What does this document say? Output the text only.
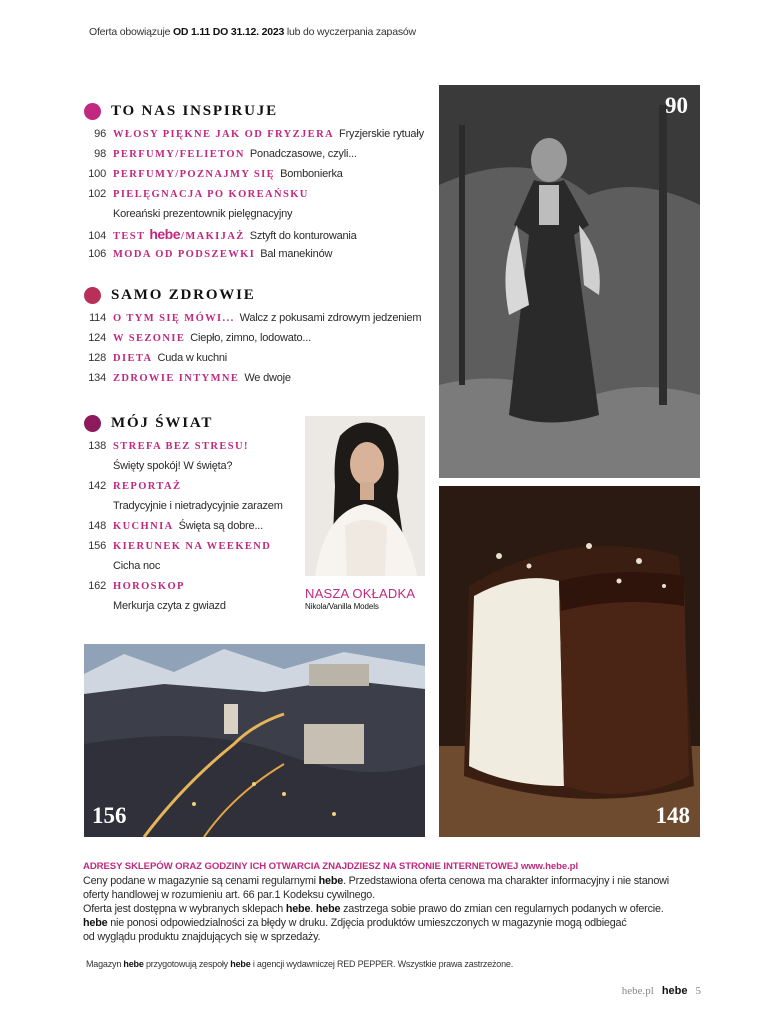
Oferta obowiązuje OD 1.11 DO 31.12. 2023 lub do wyczerpania zapasów
TO NAS INSPIRUJE
96 WŁOSY PIĘKNE JAK OD FRYZJERA Fryzjerskie rytuały
98 PERFUMY/FELIETON Ponadczasowe, czyli...
100 PERFUMY/POZNAJMY SIĘ Bombonierka
102 PIELĘGNACJA PO KOREAŃSKU
Koreański prezentownik pielęgnacyjny
104 TEST hebe/MAKIJAŻ Sztyft do konturowania
106 MODA OD PODSZEWKI Bal manekinów
SAMO ZDROWIE
114 O TYM SIĘ MÓWI... Walcz z pokusami zdrowym jedzeniem
124 W SEZONIE Ciepło, zimno, lodowato...
128 DIETA Cuda w kuchni
134 ZDROWIE INTYMNE We dwoje
MÓJ ŚWIAT
138 STREFA BEZ STRESU!
Święty spokój! W święta?
142 REPORTAŻ
Tradycyjnie i nietradycyjnie zarazem
148 KUCHNIA Święta są dobre...
156 KIERUNEK NA WEEKEND
Cicha noc
162 HOROSKOP
Merkurja czyta z gwiazd
90
NASZA OKŁADKA
Nikola/Vanilla Models
148
156
ADRESY SKLEPÓW ORAZ GODZINY ICH OTWARCIA ZNAJDZIESZ NA STRONIE INTERNETOWEJ www.hebe.pl
Ceny podane w magazynie są cenami regularnymi hebe. Przedstawiona oferta cenowa ma charakter informacyjny i nie stanowi
oferty handlowej w rozumieniu art. 66 par.1 Kodeksu cywilnego.
Oferta jest dostępna w wybranych sklepach hebe. hebe zastrzega sobie prawo do zmian cen regularnych podanych w ofercie.
hebe nie ponosi odpowiedzialności za błędy w druku. Zdjęcia produktów umieszczonych w magazynie mogą odbiegać
od wyglądu produktu znajdujących się w sprzedaży.
Magazyn hebe przygotowują zespoły hebe i agencji wydawniczej RED PEPPER. Wszystkie prawa zastrzeżone.
hebe.pl hebe 5
